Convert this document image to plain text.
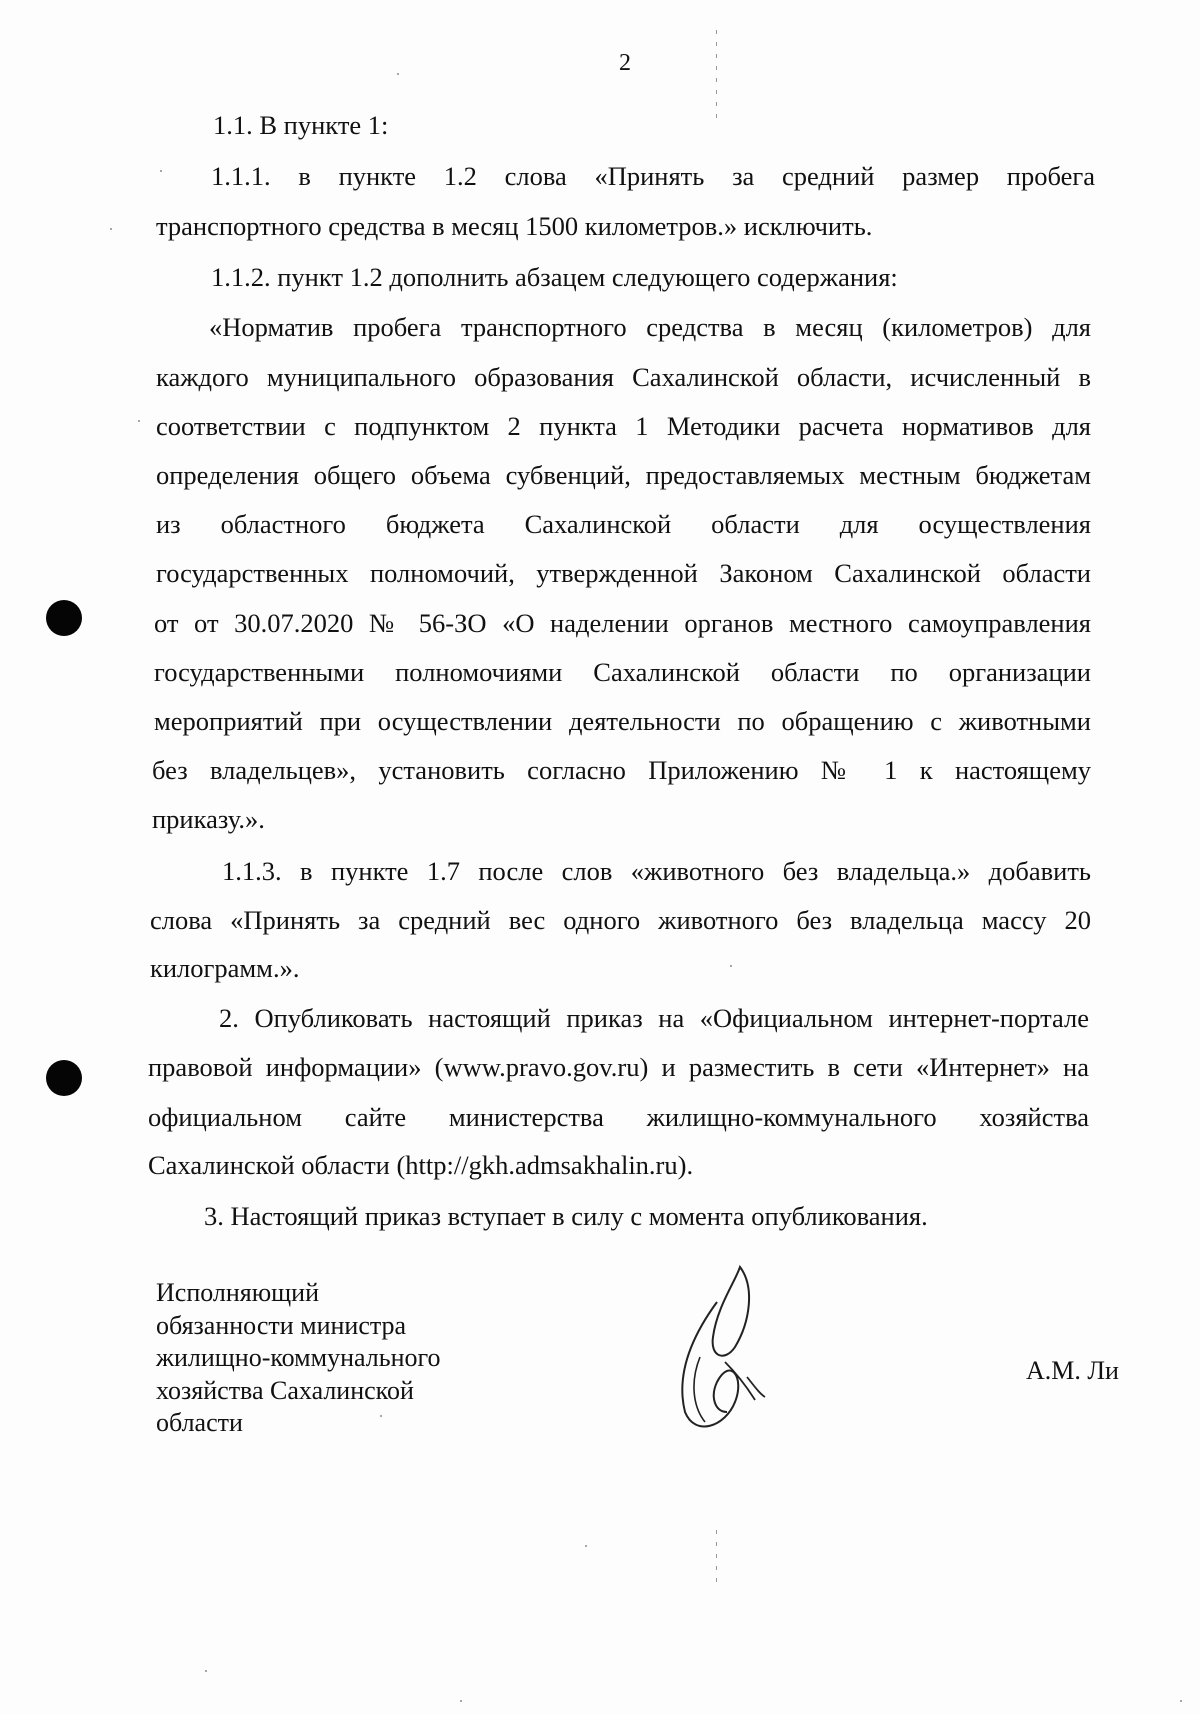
2
1.1. В пункте 1:
1.1.1. в пункте 1.2 слова «Принять за средний размер пробега
транспортного средства в месяц 1500 километров.» исключить.
1.1.2. пункт 1.2 дополнить абзацем следующего содержания:
«Норматив пробега транспортного средства в месяц (километров) для
каждого муниципального образования Сахалинской области, исчисленный в
соответствии с подпунктом 2 пункта 1 Методики расчета нормативов для
определения общего объема субвенций, предоставляемых местным бюджетам
из областного бюджета Сахалинской области для осуществления
государственных полномочий, утвержденной Законом Сахалинской области
от от 30.07.2020 № 56-ЗО «О наделении органов местного самоуправления
государственными полномочиями Сахалинской области по организации
мероприятий при осуществлении деятельности по обращению с животными
без владельцев», установить согласно Приложению № 1 к настоящему
приказу.».
1.1.3. в пункте 1.7 после слов «животного без владельца.» добавить
слова «Принять за средний вес одного животного без владельца массу 20
килограмм.».
2. Опубликовать настоящий приказ на «Официальном интернет-портале
правовой информации» (www.pravo.gov.ru) и разместить в сети «Интернет» на
официальном сайте министерства жилищно-коммунального хозяйства
Сахалинской области (http://gkh.admsakhalin.ru).
3. Настоящий приказ вступает в силу с момента опубликования.
Исполняющий
обязанности министра
жилищно-коммунального
хозяйства Сахалинской
области
А.М. Ли
